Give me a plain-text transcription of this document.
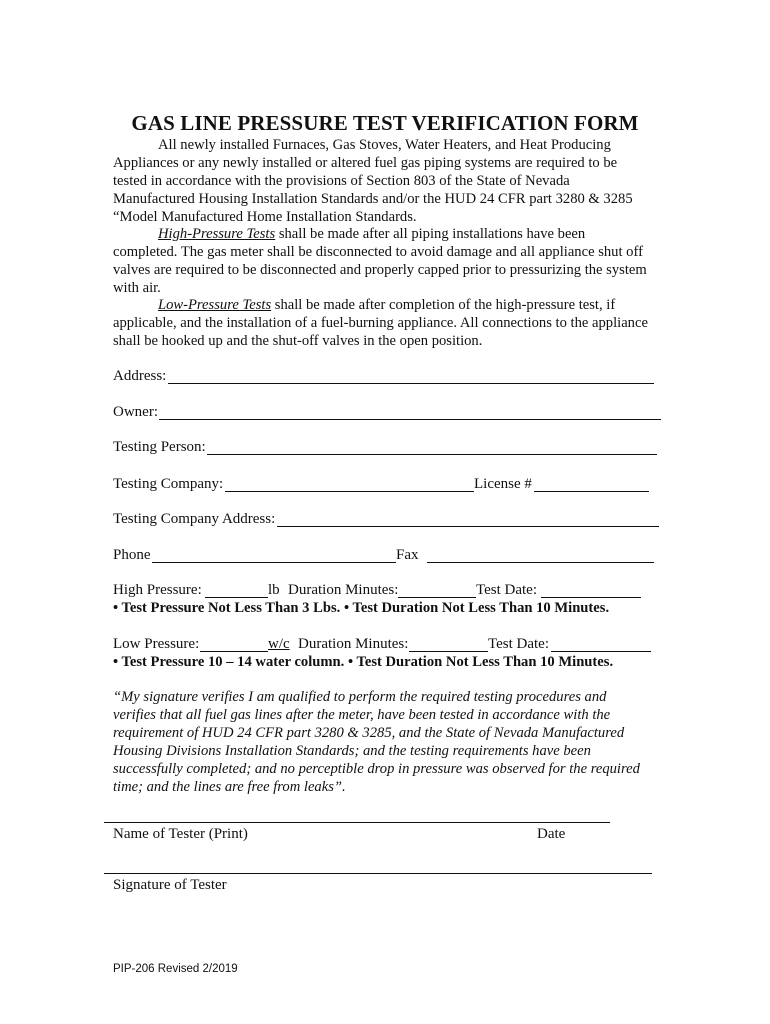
GAS LINE PRESSURE TEST VERIFICATION FORM

All newly installed Furnaces, Gas Stoves, Water Heaters, and Heat Producing Appliances or any newly installed or altered fuel gas piping systems are required to be tested in accordance with the provisions of Section 803 of the State of Nevada Manufactured Housing Installation Standards and/or the HUD 24 CFR part 3280 & 3285 “Model Manufactured Home Installation Standards.

High-Pressure Tests shall be made after all piping installations have been completed. The gas meter shall be disconnected to avoid damage and all appliance shut off valves are required to be disconnected and properly capped prior to pressurizing the system with air.

Low-Pressure Tests shall be made after completion of the high-pressure test, if applicable, and the installation of a fuel-burning appliance. All connections to the appliance shall be hooked up and the shut-off valves in the open position.

Address:
Owner:
Testing Person:
Testing Company:	License #
Testing Company Address:
Phone	Fax
High Pressure:	lb Duration Minutes:	Test Date:
• Test Pressure Not Less Than 3 Lbs. • Test Duration Not Less Than 10 Minutes.
Low Pressure:	w/c Duration Minutes:	Test Date:
• Test Pressure 10 – 14 water column. • Test Duration Not Less Than 10 Minutes.

“My signature verifies I am qualified to perform the required testing procedures and verifies that all fuel gas lines after the meter, have been tested in accordance with the requirement of HUD 24 CFR part 3280 & 3285, and the State of Nevada Manufactured Housing Divisions Installation Standards; and the testing requirements have been successfully completed; and no perceptible drop in pressure was observed for the required time; and the lines are free from leaks”.

Name of Tester (Print)	Date
Signature of Tester
PIP-206 Revised 2/2019
